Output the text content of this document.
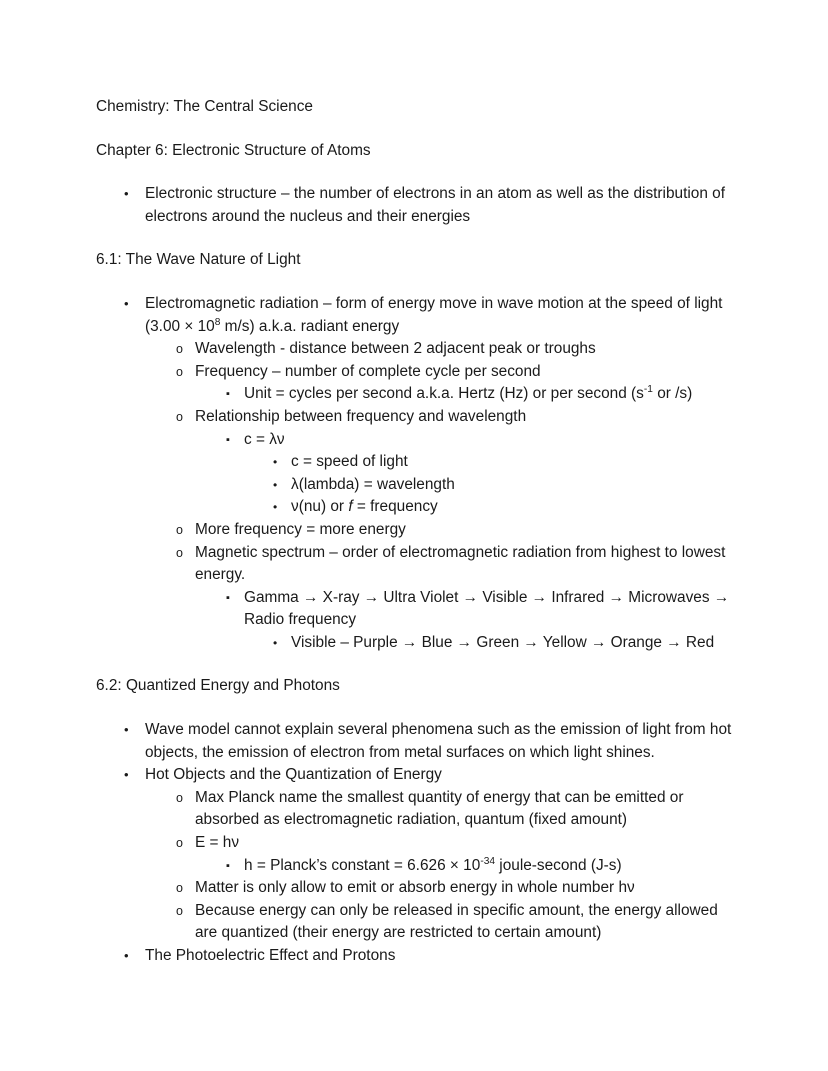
Chemistry: The Central Science

Chapter 6: Electronic Structure of Atoms

• Electronic structure – the number of electrons in an atom as well as the distribution of electrons around the nucleus and their energies

6.1: The Wave Nature of Light

• Electromagnetic radiation – form of energy move in wave motion at the speed of light ($3.00 \times 10^8$ m/s) a.k.a. radiant energy
o Wavelength - distance between 2 adjacent peak or troughs
o Frequency – number of complete cycle per second
▪ Unit = cycles per second a.k.a. Hertz (Hz) or per second ($s^{-1}$ or /s)
o Relationship between frequency and wavelength
▪ c = λν
• c = speed of light
• λ(lambda) = wavelength
• ν(nu) or f = frequency
o More frequency = more energy
o Magnetic spectrum – order of electromagnetic radiation from highest to lowest energy.
▪ Gamma → X-ray → Ultra Violet → Visible → Infrared → Microwaves → Radio frequency
• Visible – Purple → Blue → Green → Yellow → Orange → Red

6.2: Quantized Energy and Photons

• Wave model cannot explain several phenomena such as the emission of light from hot objects, the emission of electron from metal surfaces on which light shines.
• Hot Objects and the Quantization of Energy
o Max Planck name the smallest quantity of energy that can be emitted or absorbed as electromagnetic radiation, quantum (fixed amount)
o E = hν
▪ h = Planck’s constant = $6.626 \times 10^{-34}$ joule-second (J-s)
o Matter is only allow to emit or absorb energy in whole number hν
o Because energy can only be released in specific amount, the energy allowed are quantized (their energy are restricted to certain amount)
• The Photoelectric Effect and Protons
